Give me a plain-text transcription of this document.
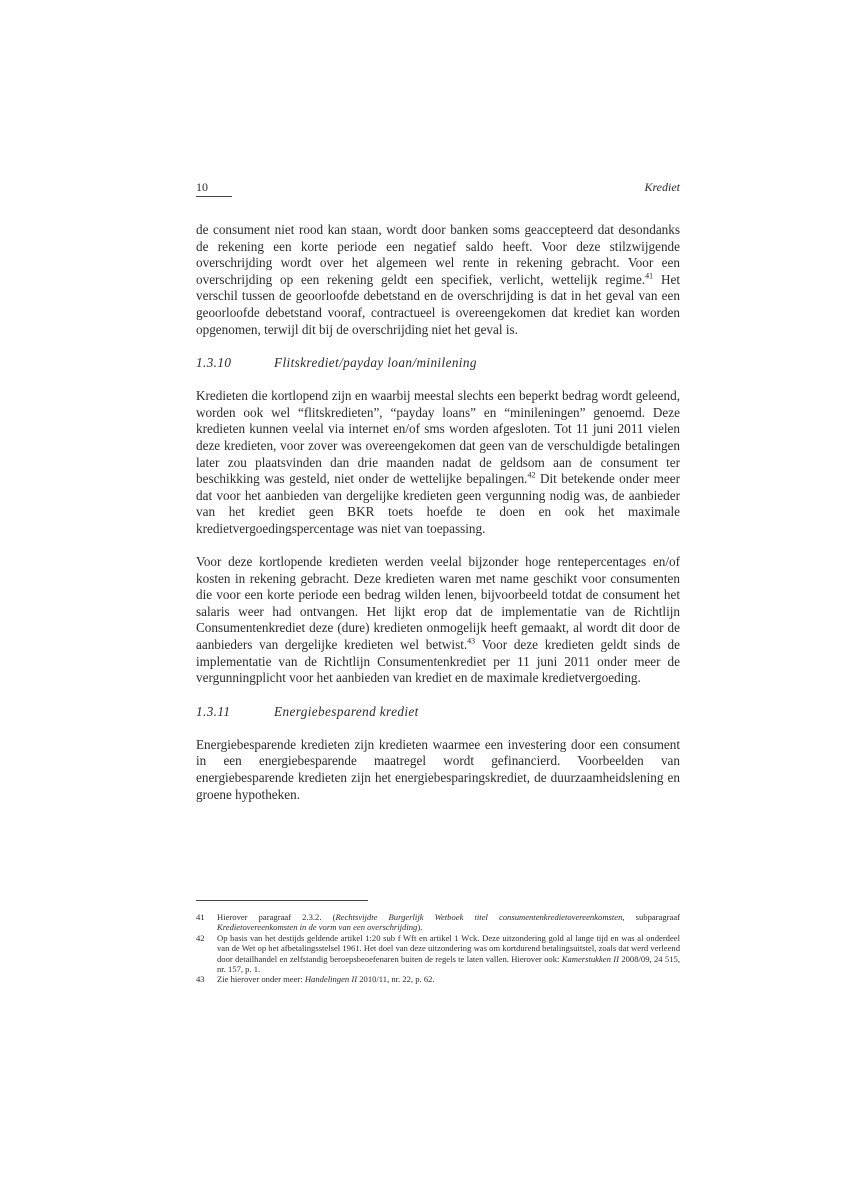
10	Krediet

de consument niet rood kan staan, wordt door banken soms geaccepteerd dat desondanks de rekening een korte periode een negatief saldo heeft. Voor deze stilzwijgende overschrijding wordt over het algemeen wel rente in rekening gebracht. Voor een overschrijding op een rekening geldt een specifiek, verlicht, wettelijk regime.$^{41}$ Het verschil tussen de geoorloofde debetstand en de overschrijding is dat in het geval van een geoorloofde debetstand vooraf, contractueel is overeengekomen dat krediet kan worden opgenomen, terwijl dit bij de overschrijding niet het geval is.

1.3.10	Flitskrediet/payday loan/minilening

Kredieten die kortlopend zijn en waarbij meestal slechts een beperkt bedrag wordt geleend, worden ook wel “flitskredieten”, “payday loans” en “minileningen” genoemd. Deze kredieten kunnen veelal via internet en/of sms worden afgesloten. Tot 11 juni 2011 vielen deze kredieten, voor zover was overeengekomen dat geen van de verschuldigde betalingen later zou plaatsvinden dan drie maanden nadat de geldsom aan de consument ter beschikking was gesteld, niet onder de wettelijke bepalingen.$^{42}$ Dit betekende onder meer dat voor het aanbieden van dergelijke kredieten geen vergunning nodig was, de aanbieder van het krediet geen BKR toets hoefde te doen en ook het maximale kredietvergoedingspercentage was niet van toepassing.

Voor deze kortlopende kredieten werden veelal bijzonder hoge rentepercentages en/of kosten in rekening gebracht. Deze kredieten waren met name geschikt voor consumenten die voor een korte periode een bedrag wilden lenen, bijvoorbeeld totdat de consument het salaris weer had ontvangen. Het lijkt erop dat de implementatie van de Richtlijn Consumentenkrediet deze (dure) kredieten onmogelijk heeft gemaakt, al wordt dit door de aanbieders van dergelijke kredieten wel betwist.$^{43}$ Voor deze kredieten geldt sinds de implementatie van de Richtlijn Consumentenkrediet per 11 juni 2011 onder meer de vergunningplicht voor het aanbieden van krediet en de maximale kredietvergoeding.

1.3.11	Energiebesparend krediet

Energiebesparende kredieten zijn kredieten waarmee een investering door een consument in een energiebesparende maatregel wordt gefinancierd. Voorbeelden van energiebesparende kredieten zijn het energiebesparingskrediet, de duurzaamheidslening en groene hypotheken.

41	Hierover paragraaf 2.3.2. (Rechtsvijdte Burgerlijk Wetboek titel consumentenkredietovereenkomsten, subparagraaf Kredietovereenkomsten in de vorm van een overschrijding).
42	Op basis van het destijds geldende artikel 1:20 sub f Wft en artikel 1 Wck. Deze uitzondering gold al lange tijd en was al onderdeel van de Wet op het afbetalingsstelsel 1961. Het doel van deze uitzondering was om kortdurend betalingsuitstel, zoals dat werd verleend door detailhandel en zelfstandig beroepsbeoefenaren buiten de regels te laten vallen. Hierover ook: Kamerstukken II 2008/09, 24 515, nr. 157, p. 1.
43	Zie hierover onder meer: Handelingen II 2010/11, nr. 22, p. 62.
